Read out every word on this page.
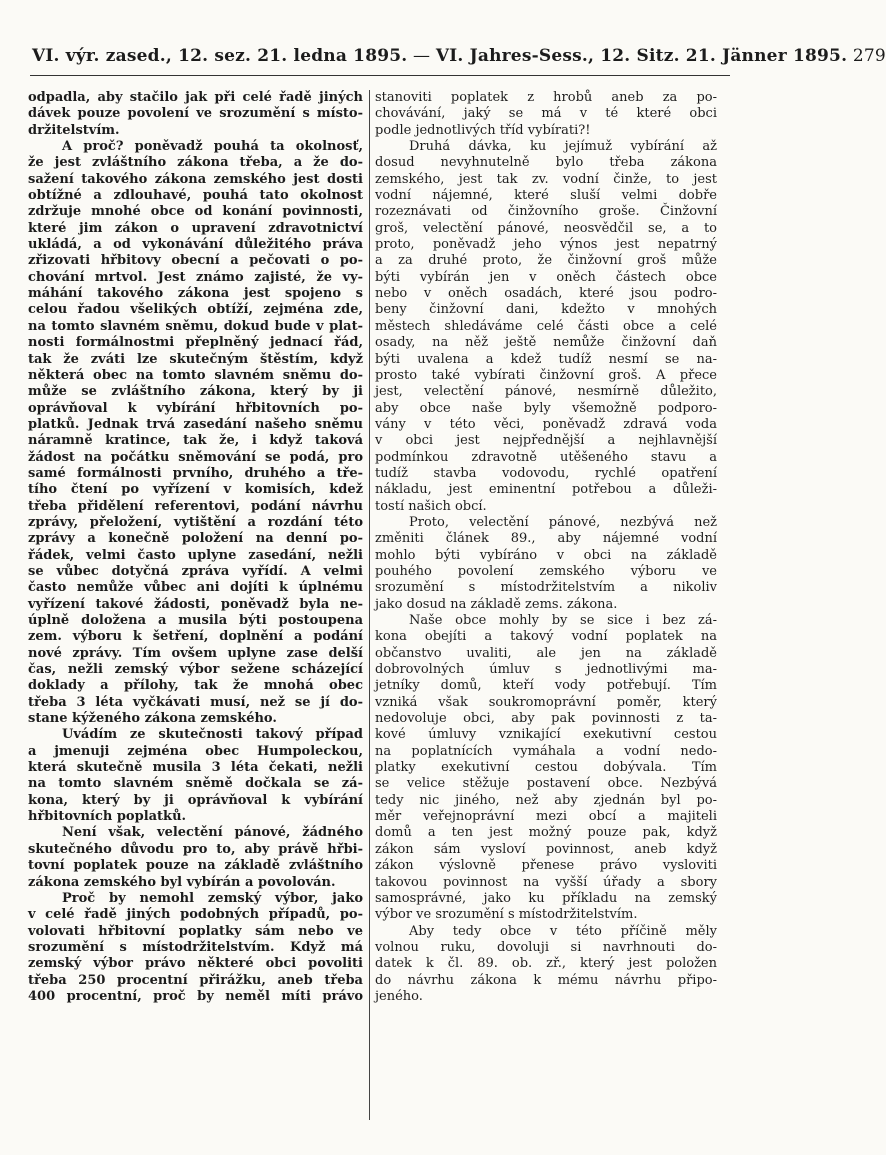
VI. výr. zased., 12. sez. 21. ledna 1895. — VI. Jahres-Sess., 12. Sitz. 21. Jänner 1895. 279
odpadla, aby stačilo jak při celé řadě jiných
dávek pouze povolení ve srozumění s místo-
držitelstvím.
A proč? poněvadž pouhá ta okolnosť,
že jest zvláštního zákona třeba, a že do-
sažení takového zákona zemského jest dosti
obtížné a zdlouhavé, pouhá tato okolnost
zdržuje mnohé obce od konání povinnosti,
které jim zákon o upravení zdravotnictví
ukládá, a od vykonávání důležitého práva
zřizovati hřbitovy obecní a pečovati o po-
chování mrtvol. Jest známo zajisté, že vy-
máhání takového zákona jest spojeno s
celou řadou všelikých obtíží, zejména zde,
na tomto slavném sněmu, dokud bude v plat-
nosti formálnostmi přeplněný jednací řád,
tak že zváti lze skutečným štěstím, když
některá obec na tomto slavném sněmu do-
může se zvláštního zákona, který by ji
oprávňoval k vybírání hřbitovních po-
platků. Jednak trvá zasedání našeho sněmu
náramně kratince, tak že, i když taková
žádost na počátku sněmování se podá, pro
samé formálnosti prvního, druhého a tře-
tího čtení po vyřízení v komisích, kdež
třeba přidělení referentovi, podání návrhu
zprávy, přeložení, vytištění a rozdání této
zprávy a konečně položení na denní po-
řádek, velmi často uplyne zasedání, nežli
se vůbec dotyčná zpráva vyřídí. A velmi
často nemůže vůbec ani dojíti k úplnému
vyřízení takové žádosti, poněvadž byla ne-
úplně doložena a musila býti postoupena
zem. výboru k šetření, doplnění a podání
nové zprávy. Tím ovšem uplyne zase delší
čas, nežli zemský výbor sežene scházející
doklady a přílohy, tak že mnohá obec
třeba 3 léta vyčkávati musí, než se jí do-
stane kýženého zákona zemského.
Uvádím ze skutečnosti takový případ
a jmenuji zejména obec Humpoleckou,
která skutečně musila 3 léta čekati, nežli
na tomto slavném sněmě dočkala se zá-
kona, který by ji oprávňoval k vybírání
hřbitovních poplatků.
Není však, velectění pánové, žádného
skutečného důvodu pro to, aby právě hřbi-
tovní poplatek pouze na základě zvláštního
zákona zemského byl vybírán a povolován.
Proč by nemohl zemský výbor, jako
v celé řadě jiných podobných případů, po-
volovati hřbitovní poplatky sám nebo ve
srozumění s místodržitelstvím. Když má
zemský výbor právo některé obci povoliti
třeba 250 procentní přirážku, aneb třeba
400 procentní, proč by neměl míti právo
stanoviti poplatek z hrobů aneb za po-
chovávání, jaký se má v té které obci
podle jednotlivých tříd vybírati?!
Druhá dávka, ku jejímuž vybírání až
dosud nevyhnutelně bylo třeba zákona
zemského, jest tak zv. vodní činže, to jest
vodní nájemné, které sluší velmi dobře
rozeznávati od činžovního groše. Činžovní
groš, velectění pánové, neosvědčil se, a to
proto, poněvadž jeho výnos jest nepatrný
a za druhé proto, že činžovní groš může
býti vybírán jen v oněch částech obce
nebo v oněch osadách, které jsou podro-
beny činžovní dani, kdežto v mnohých
městech shledáváme celé části obce a celé
osady, na něž ještě nemůže činžovní daň
býti uvalena a kdež tudíž nesmí se na-
prosto také vybírati činžovní groš. A přece
jest, velectění pánové, nesmírně důležito,
aby obce naše byly všemožně podporo-
vány v této věci, poněvadž zdravá voda
v obci jest nejpřednější a nejhlavnější
podmínkou zdravotně utěšeného stavu a
tudíž stavba vodovodu, rychlé opatření
nákladu, jest eminentní potřebou a důleži-
tostí našich obcí.
Proto, velectění pánové, nezbývá než
změniti článek 89., aby nájemné vodní
mohlo býti vybíráno v obci na základě
pouhého povolení zemského výboru ve
srozumění s místodržitelstvím a nikoliv
jako dosud na základě zems. zákona.
Naše obce mohly by se sice i bez zá-
kona obejíti a takový vodní poplatek na
občanstvo uvaliti, ale jen na základě
dobrovolných úmluv s jednotlivými ma-
jetníky domů, kteří vody potřebují. Tím
vzniká však soukromoprávní poměr, který
nedovoluje obci, aby pak povinnosti z ta-
kové úmluvy vznikající exekutivní cestou
na poplatnících vymáhala a vodní nedo-
platky exekutivní cestou dobývala. Tím
se velice stěžuje postavení obce. Nezbývá
tedy nic jiného, než aby zjednán byl po-
měr veřejnoprávní mezi obcí a majiteli
domů a ten jest možný pouze pak, když
zákon sám vysloví povinnost, aneb když
zákon výslovně přenese právo vysloviti
takovou povinnost na vyšší úřady a sbory
samosprávné, jako ku příkladu na zemský
výbor ve srozumění s místodržitelstvím.
Aby tedy obce v této příčině měly
volnou ruku, dovoluji si navrhnouti do-
datek k čl. 89. ob. zř., který jest položen
do návrhu zákona k mému návrhu připo-
jeného.
